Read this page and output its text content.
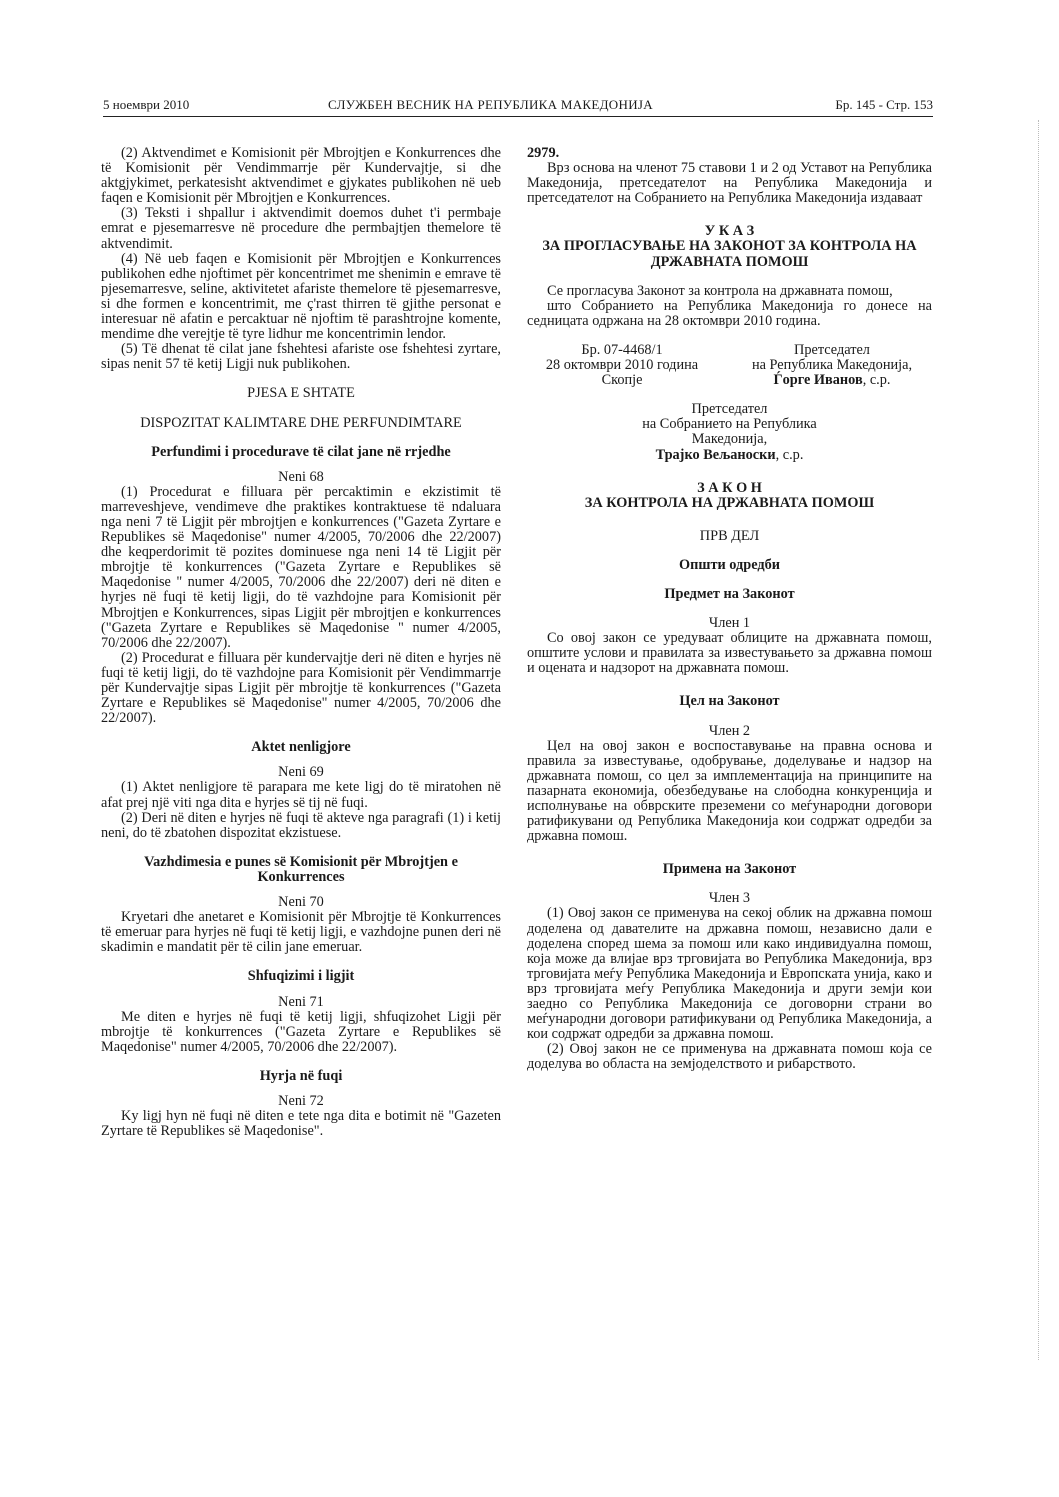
5 ноември 2010	СЛУЖБЕН ВЕСНИК НА РЕПУБЛИКА МАКЕДОНИЈА	Бр. 145 - Стр. 153

(2) Aktvendimet e Komisionit për Mbrojtjen e Konkurrences dhe të Komisionit për Vendimmarrje për Kundervajtje, si dhe aktgjykimet, perkatesisht aktvendimet e gjykates publikohen në ueb faqen e Komisionit për Mbrojtjen e Konkurrences.

(3) Teksti i shpallur i aktvendimit doemos duhet t'i permbaje emrat e pjesemarresve në procedure dhe permbajtjen themelore të aktvendimit.

(4) Në ueb faqen e Komisionit për Mbrojtjen e Konkurrences publikohen edhe njoftimet për koncentrimet me shenimin e emrave të pjesemarresve, seline, aktivitetet afariste themelore të pjesemarresve, si dhe formen e koncentrimit, me ç'rast thirren të gjithe personat e interesuar në afatin e percaktuar në njoftim të parashtrojne komente, mendime dhe verejtje të tyre lidhur me koncentrimin lendor.

(5) Të dhenat të cilat jane fshehtesi afariste ose fshehtesi zyrtare, sipas nenit 57 të ketij Ligji nuk publikohen.

PJESA E SHTATE

DISPOZITAT KALIMTARE DHE PERFUNDIMTARE

Perfundimi i procedurave të cilat jane në rrjedhe

Neni 68

(1) Procedurat e filluara për percaktimin e ekzistimit të marreveshjeve, vendimeve dhe praktikes kontraktuese të ndaluara nga neni 7 të Ligjit për mbrojtjen e konkurrences ("Gazeta Zyrtare e Republikes së Maqedonise" numer 4/2005, 70/2006 dhe 22/2007) dhe keqperdorimit të pozites dominuese nga neni 14 të Ligjit për mbrojtje të konkurrences ("Gazeta Zyrtare e Republikes së Maqedonise " numer 4/2005, 70/2006 dhe 22/2007) deri në diten e hyrjes në fuqi të ketij ligji, do të vazhdojne para Komisionit për Mbrojtjen e Konkurrences, sipas Ligjit për mbrojtjen e konkurrences ("Gazeta Zyrtare e Republikes së Maqedonise " numer 4/2005, 70/2006 dhe 22/2007).

(2) Procedurat e filluara për kundervajtje deri në diten e hyrjes në fuqi të ketij ligji, do të vazhdojne para Komisionit për Vendimmarrje për Kundervajtje sipas Ligjit për mbrojtje të konkurrences ("Gazeta Zyrtare e Republikes së Maqedonise" numer 4/2005, 70/2006 dhe 22/2007).

Aktet nenligjore

Neni 69

(1) Aktet nenligjore të parapara me kete ligj do të miratohen në afat prej një viti nga dita e hyrjes së tij në fuqi.

(2) Deri në diten e hyrjes në fuqi të akteve nga paragrafi (1) i ketij neni, do të zbatohen dispozitat ekzistuese.

Vazhdimesia e punes së Komisionit për Mbrojtjen e Konkurrences

Neni 70

Kryetari dhe anetaret e Komisionit për Mbrojtje të Konkurrences të emeruar para hyrjes në fuqi të ketij ligji, e vazhdojne punen deri në skadimin e mandatit për të cilin jane emeruar.

Shfuqizimi i ligjit

Neni 71

Me diten e hyrjes në fuqi të ketij ligji, shfuqizohet Ligji për mbrojtje të konkurrences ("Gazeta Zyrtare e Republikes së Maqedonise" numer 4/2005, 70/2006 dhe 22/2007).

Hyrja në fuqi

Neni 72

Ky ligj hyn në fuqi në diten e tete nga dita e botimit në "Gazeten Zyrtare të Republikes së Maqedonise".

2979.

Врз основа на членот 75 ставови 1 и 2 од Уставот на Република Македонија, претседателот на Република Македонија и претседателот на Собранието на Република Македонија издаваат

У К А З

ЗА ПРОГЛАСУВАЊЕ НА ЗАКОНОТ ЗА КОНТРОЛА НА ДРЖАВНАТА ПОМОШ

Се прогласува Законот за контрола на државната помош,

што Собранието на Република Македонија го донесе на седницата одржана на 28 октомври 2010 година.

Бр. 07-4468/1
28 октомври 2010 година
Скопје
Претседател
на Република Македонија,
Ѓорге Иванов, с.р.

Претседател

на Собранието на Република

Македонија,

Трајко Вељаноски, с.р.

З А К О Н

ЗА КОНТРОЛА НА ДРЖАВНАТА ПОМОШ

ПРВ ДЕЛ

Општи одредби

Предмет на Законот

Член 1

Со овој закон се уредуваат облиците на државната помош, општите услови и правилата за известувањето за државна помош и оцената и надзорот на државната помош.

Цел на Законот

Член 2

Цел на овој закон е воспоставување на правна основа и правила за известување, одобрување, доделување и надзор на државната помош, со цел за имплементација на принципите на пазарната економија, обезбедување на слободна конкуренција и исполнување на обврските преземени со меѓународни договори ратификувани од Република Македонија кои содржат одредби за државна помош.

Примена на Законот

Член 3

(1) Овој закон се применува на секој облик на државна помош доделена од давателите на државна помош, независно дали е доделена според шема за помош или како индивидуална помош, која може да влијае врз трговијата во Република Македонија, врз трговијата меѓу Република Македонија и Европската унија, како и врз трговијата меѓу Република Македонија и други земји кои заедно со Република Македонија се договорни страни во меѓународни договори ратификувани од Република Македонија, а кои содржат одредби за државна помош.

(2) Овој закон не се применува на државната помош која се доделува во областа на земјоделството и рибарството.
